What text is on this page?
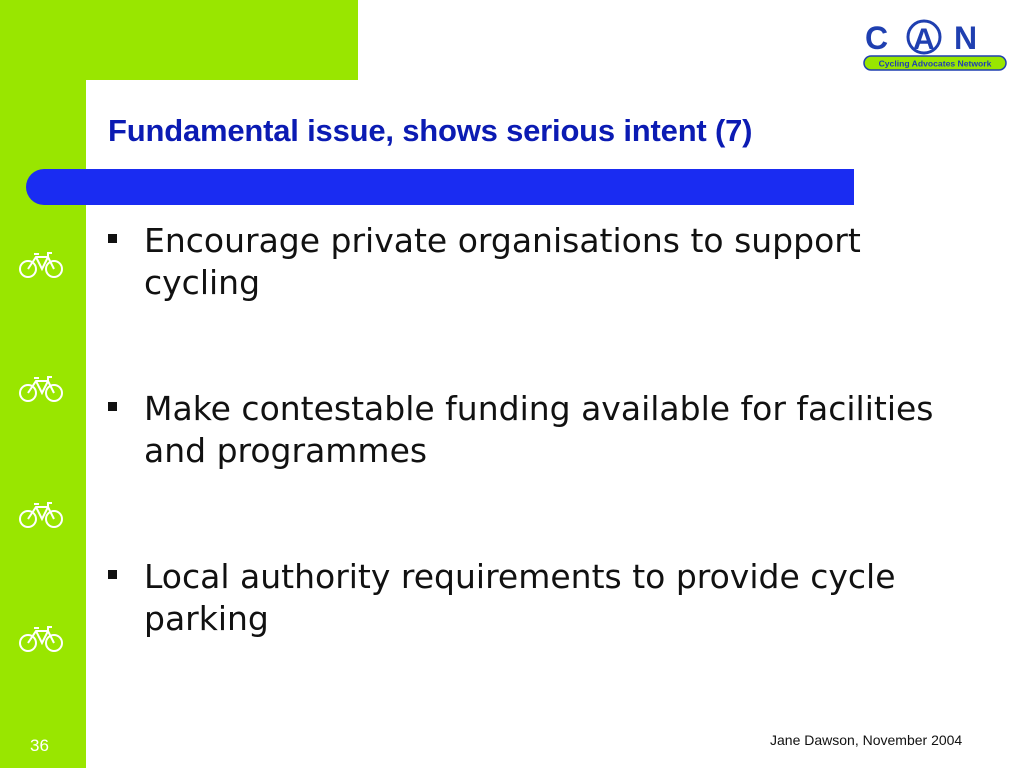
C A N
Cycling Advocates Network
Fundamental issue, shows serious intent (7)
Encourage private organisations to support cycling
Make contestable funding available for facilities and programmes
Local authority requirements to provide cycle parking
36	Jane Dawson, November 2004
